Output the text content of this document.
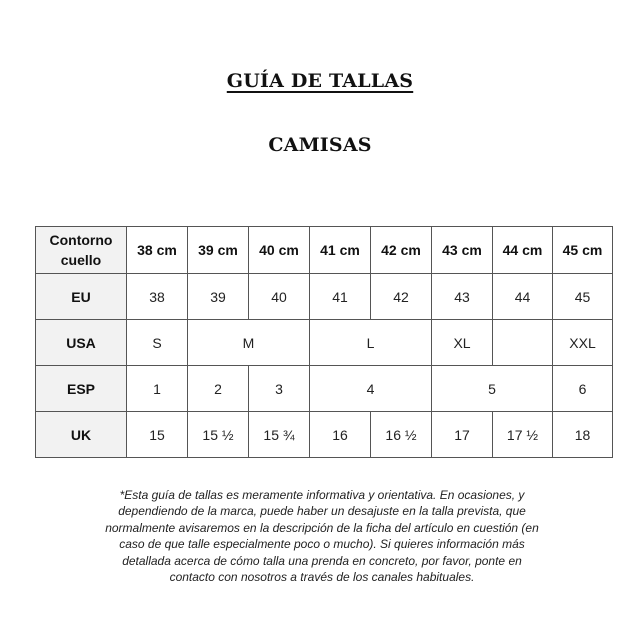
GUÍA DE TALLAS
CAMISAS
Contorno cuello	38 cm	39 cm	40 cm	41 cm	42 cm	43 cm	44 cm	45 cm
EU	38	39	40	41	42	43	44	45
USA	S	M		L		XL		XXL
ESP	1	2	3	4		5		6
UK	15	15 ½	15 ¾	16	16 ½	17	17 ½	18
*Esta guía de tallas es meramente informativa y orientativa. En ocasiones, y dependiendo de la marca, puede haber un desajuste en la talla prevista, que normalmente avisaremos en la descripción de la ficha del artículo en cuestión (en caso de que talle especialmente poco o mucho). Si quieres información más detallada acerca de cómo talla una prenda en concreto, por favor, ponte en contacto con nosotros a través de los canales habituales.
